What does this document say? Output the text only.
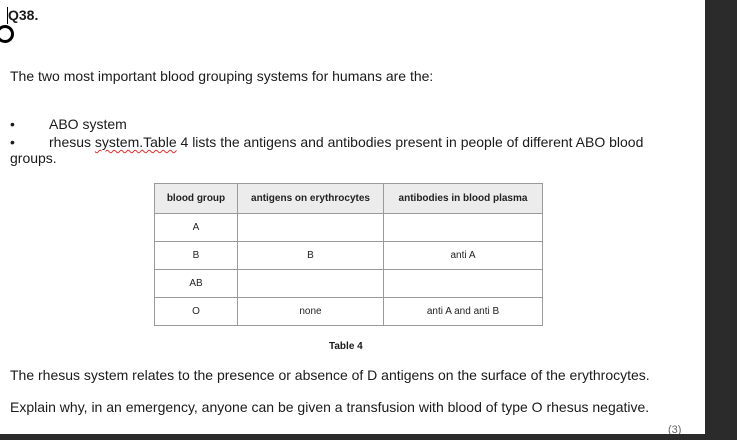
Q38.
The two most important blood grouping systems for humans are the:
• ABO system
• rhesus system.Table 4 lists the antigens and antibodies present in people of different ABO blood
groups.
blood group	antigens on erythrocytes	antibodies in blood plasma
A		
B	B	anti A
AB		
O	none	anti A and anti B
Table 4
The rhesus system relates to the presence or absence of D antigens on the surface of the erythrocytes.
Explain why, in an emergency, anyone can be given a transfusion with blood of type O rhesus negative.
(3)
